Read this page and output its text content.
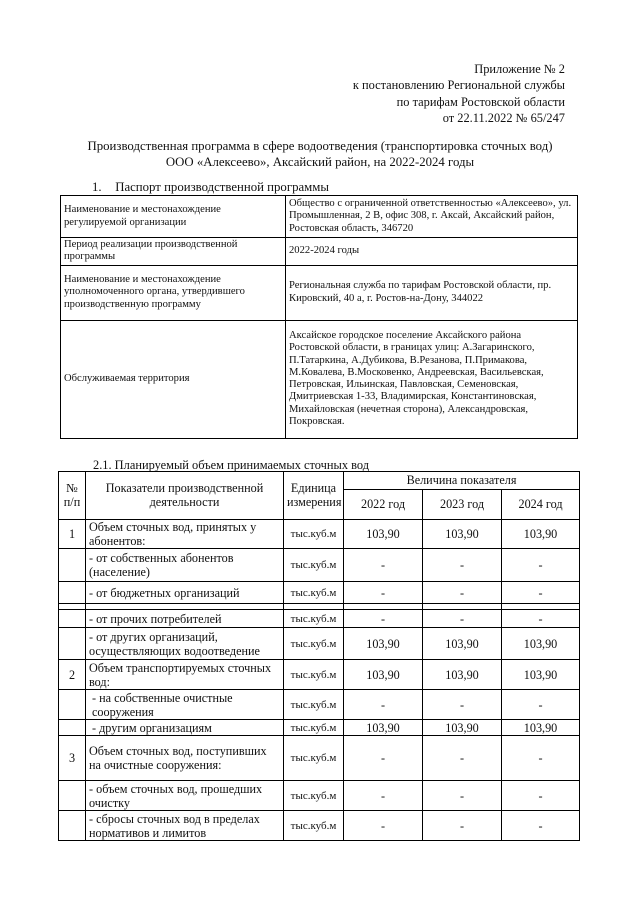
Приложение № 2
к постановлению Региональной службы
по тарифам Ростовской области
от 22.11.2022 № 65/247
Производственная программа в сфере водоотведения (транспортировка сточных вод)
ООО «Алексеево», Аксайский район, на 2022-2024 годы
1. Паспорт производственной программы
Наименование и местонахождение регулируемой организации	Общество с ограниченной ответственностью «Алексеево», ул. Промышленная, 2 В, офис 308, г. Аксай, Аксайский район, Ростовская область, 346720
Период реализации производственной программы	2022-2024 годы
Наименование и местонахождение уполномоченного органа, утвердившего производственную программу	Региональная служба по тарифам Ростовской области, пр. Кировский, 40 а, г. Ростов-на-Дону, 344022
Обслуживаемая территория	Аксайское городское поселение Аксайского района Ростовской области, в границах улиц: А.Загаринского, П.Татаркина, А.Дубикова, В.Резанова, П.Примакова, М.Ковалева, В.Московенко, Андреевская, Васильевская, Петровская, Ильинская, Павловская, Семеновская, Дмитриевская 1-33, Владимирская, Константиновская, Михайловская (нечетная сторона), Александровская, Покровская.
2.1. Планируемый объем принимаемых сточных вод
№ п/п	Показатели производственной деятельности	Единица измерения	Величина показателя		
			2022 год	2023 год	2024 год
1	Объем сточных вод, принятых у абонентов:	тыс.куб.м	103,90	103,90	103,90
	- от собственных абонентов (население)	тыс.куб.м	-	-	-
	- от бюджетных организаций	тыс.куб.м	-	-	-

	- от прочих потребителей	тыс.куб.м	-	-	-
	- от других организаций, осуществляющих водоотведение	тыс.куб.м	103,90	103,90	103,90
2	Объем транспортируемых сточных вод:	тыс.куб.м	103,90	103,90	103,90
	- на собственные очистные сооружения	тыс.куб.м	-	-	-
	- другим организациям	тыс.куб.м	103,90	103,90	103,90
3	Объем сточных вод, поступивших на очистные сооружения:	тыс.куб.м	-	-	-
	- объем сточных вод, прошедших очистку	тыс.куб.м	-	-	-
	- сбросы сточных вод в пределах нормативов и лимитов	тыс.куб.м	-	-	-
